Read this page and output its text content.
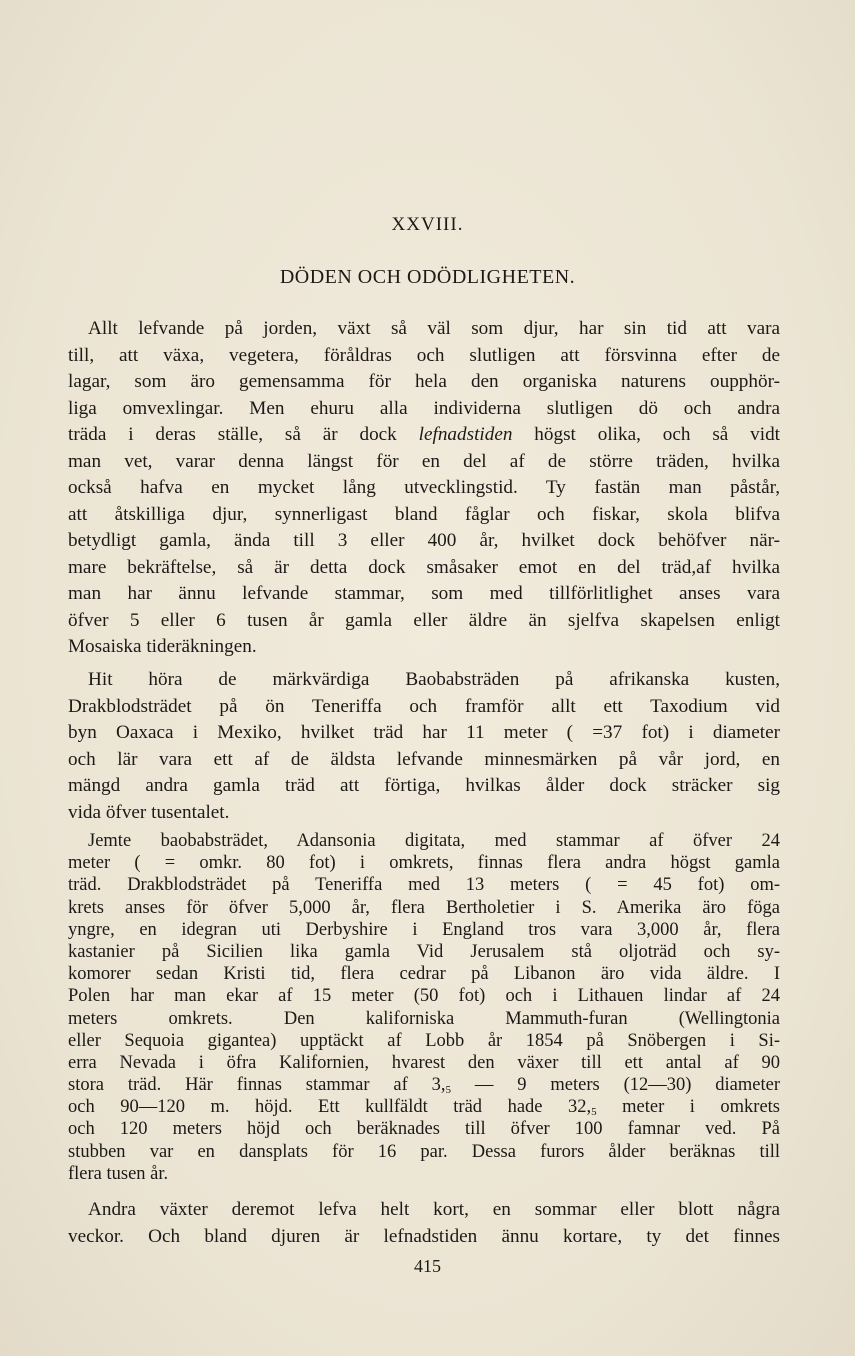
XXVIII.
DÖDEN OCH ODÖDLIGHETEN.
Allt lefvande på jorden, växt så väl som djur, har sin tid att vara
till, att växa, vegetera, föråldras och slutligen att försvinna efter de
lagar, som äro gemensamma för hela den organiska naturens oupphör-
liga omvexlingar. Men ehuru alla individerna slutligen dö och andra
träda i deras ställe, så är dock lefnadstiden högst olika, och så vidt
man vet, varar denna längst för en del af de större träden, hvilka
också hafva en mycket lång utvecklingstid. Ty fastän man påstår,
att åtskilliga djur, synnerligast bland fåglar och fiskar, skola blifva
betydligt gamla, ända till 3 eller 400 år, hvilket dock behöfver när-
mare bekräftelse, så är detta dock småsaker emot en del träd,af hvilka
man har ännu lefvande stammar, som med tillförlitlighet anses vara
öfver 5 eller 6 tusen år gamla eller äldre än sjelfva skapelsen enligt
Mosaiska tideräkningen.
Hit höra de märkvärdiga Baobabsträden på afrikanska kusten,
Drakblodsträdet på ön Teneriffa och framför allt ett Taxodium vid
byn Oaxaca i Mexiko, hvilket träd har 11 meter ( =37 fot) i diameter
och lär vara ett af de äldsta lefvande minnesmärken på vår jord, en
mängd andra gamla träd att förtiga, hvilkas ålder dock sträcker sig
vida öfver tusentalet.
Jemte baobabsträdet, Adansonia digitata, med stammar af öfver 24
meter ( = omkr. 80 fot) i omkrets, finnas flera andra högst gamla
träd. Drakblodsträdet på Teneriffa med 13 meters ( = 45 fot) om-
krets anses för öfver 5,000 år, flera Bertholetier i S. Amerika äro föga
yngre, en idegran uti Derbyshire i England tros vara 3,000 år, flera
kastanier på Sicilien lika gamla Vid Jerusalem stå oljoträd och sy-
komorer sedan Kristi tid, flera cedrar på Libanon äro vida äldre. I
Polen har man ekar af 15 meter (50 fot) och i Lithauen lindar af 24
meters omkrets. Den kaliforniska Mammuth-furan (Wellingtonia
eller Sequoia gigantea) upptäckt af Lobb år 1854 på Snöbergen i Si-
erra Nevada i öfra Kalifornien, hvarest den växer till ett antal af 90
stora träd. Här finnas stammar af $3,_5$ — 9 meters (12—30) diameter
och 90—120 m. höjd. Ett kullfäldt träd hade $32,_5$ meter i omkrets
och 120 meters höjd och beräknades till öfver 100 famnar ved. På
stubben var en dansplats för 16 par. Dessa furors ålder beräknas till
flera tusen år.
Andra växter deremot lefva helt kort, en sommar eller blott några
veckor. Och bland djuren är lefnadstiden ännu kortare, ty det finnes
415
